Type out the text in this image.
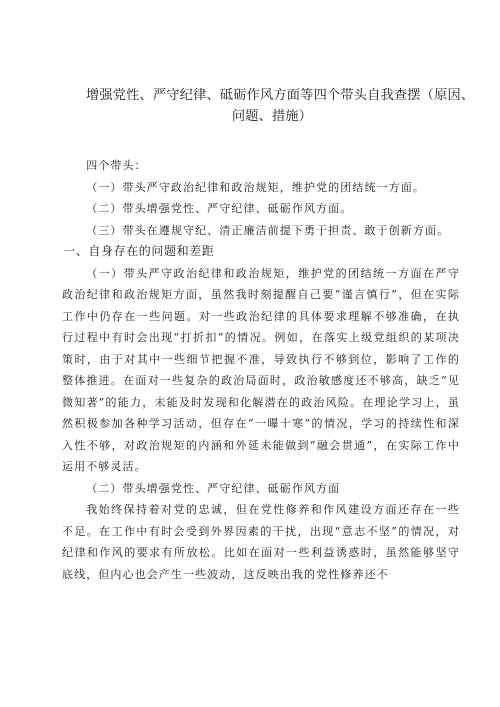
增强党性、严守纪律、砥砺作风方面等四个带头自我查摆（原因、
问题、措施）

四个带头：

（一）带头严守政治纪律和政治规矩，维护党的团结统一方面。

（二）带头增强党性、严守纪律、砥砺作风方面。

（三）带头在遵规守纪、清正廉洁前提下勇于担责、敢于创新方面。

一、自身存在的问题和差距

（一）带头严守政治纪律和政治规矩，维护党的团结统一方面在严守政治纪律和政治规矩方面，虽然我时刻提醒自己要“谨言慎行”，但在实际工作中仍存在一些问题。对一些政治纪律的具体要求理解不够准确，在执行过程中有时会出现“打折扣”的情况。例如，在落实上级党组织的某项决策时，由于对其中一些细节把握不准，导致执行不够到位，影响了工作的整体推进。在面对一些复杂的政治局面时，政治敏感度还不够高，缺乏“见微知著”的能力，未能及时发现和化解潜在的政治风险。在理论学习上，虽然积极参加各种学习活动，但存在“一曝十寒”的情况，学习的持续性和深入性不够，对政治规矩的内涵和外延未能做到“融会贯通”，在实际工作中运用不够灵活。

（二）带头增强党性、严守纪律、砥砺作风方面

我始终保持着对党的忠诚，但在党性修养和作风建设方面还存在一些不足。在工作中有时会受到外界因素的干扰，出现“意志不坚”的情况，对纪律和作风的要求有所放松。比如在面对一些利益诱惑时，虽然能够坚守底线，但内心也会产生一些波动，这反映出我的党性修养还不
